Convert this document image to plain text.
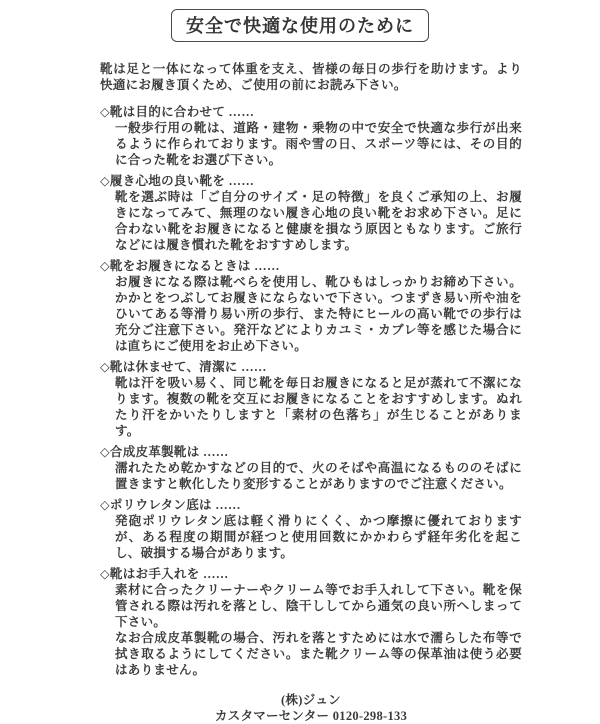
安全で快適な使用のために

靴は足と一体になって体重を支え、皆様の毎日の歩行を助けます。より快適にお履き頂くため、ご使用の前にお読み下さい。

◇靴は目的に合わせて ……

一般歩行用の靴は、道路・建物・乗物の中で安全で快適な歩行が出来るように作られております。雨や雪の日、スポーツ等には、その目的に合った靴をお選び下さい。

◇履き心地の良い靴を ……

靴を選ぶ時は「ご自分のサイズ・足の特徴」を良くご承知の上、お履きになってみて、無理のない履き心地の良い靴をお求め下さい。足に合わない靴をお履きになると健康を損なう原因ともなります。ご旅行などには履き慣れた靴をおすすめします。

◇靴をお履きになるときは ……

お履きになる際は靴べらを使用し、靴ひもはしっかりお締め下さい。かかとをつぶしてお履きにならないで下さい。つまずき易い所や油をひいてある等滑り易い所の歩行、また特にヒールの高い靴での歩行は充分ご注意下さい。発汗などによりカユミ・カブレ等を感じた場合には直ちにご使用をお止め下さい。

◇靴は休ませて、清潔に ……

靴は汗を吸い易く、同じ靴を毎日お履きになると足が蒸れて不潔になります。複数の靴を交互にお履きになることをおすすめします。ぬれたり汗をかいたりしますと「素材の色落ち」が生じることがあります。

◇合成皮革製靴は ……

濡れたため乾かすなどの目的で、火のそばや高温になるもののそばに置きますと軟化したり変形することがありますのでご注意ください。

◇ポリウレタン底は ……

発砲ポリウレタン底は軽く滑りにくく、かつ摩擦に優れておりますが、ある程度の期間が経つと使用回数にかかわらず経年劣化を起こし、破損する場合があります。

◇靴はお手入れを ……

素材に合ったクリーナーやクリーム等でお手入れして下さい。靴を保管される際は汚れを落とし、陰干ししてから通気の良い所へしまって下さい。

なお合成皮革製靴の場合、汚れを落とすためには水で濡らした布等で拭き取るようにしてください。また靴クリーム等の保革油は使う必要はありません。

(株)ジュン
カスタマーセンター 0120-298-133
